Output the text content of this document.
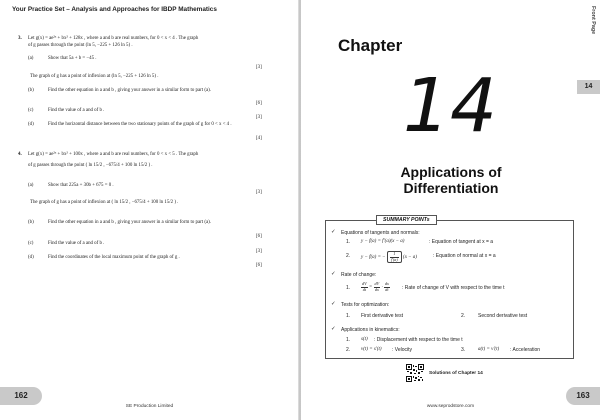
Your Practice Set – Analysis and Approaches for IBDP Mathematics
3. Let g(x) = ae²ˣ + bx² + 128x , where a and b are real numbers, for 0 < x < 4 . The graph
of g passes through the point (ln 5, −225 + 126 ln 5) .
(a)	Show that 5a + b = −45 .
[3]
The graph of g has a point of inflexion at (ln 5, −225 + 126 ln 5) .
(b)	Find the other equation in a and b , giving your answer in a similar form to part (a).
[6]
(c)	Find the value of a and of b .
[3]
(d)	Find the horizontal distance between the two stationary points of the graph of g for 0 < x < 4 .
[4]
4. Let g(x) = ae²ˣ + bx² + 100x , where a and b are real numbers, for 0 < x < 5 . The graph
of g passes through the point ( ln 15/2 , −675/4 + 100 ln 15/2 ) .
(a)	Show that 225a + 30b + 675 = 0 .
[3]
The graph of g has a point of inflexion at ( ln 15/2 , −675/4 + 100 ln 15/2 ) .
(b)	Find the other equation in a and b , giving your answer in a similar form to part (a).
[6]
(c)	Find the value of a and of b .
[3]
(d)	Find the coordinates of the local maximum point of the graph of g .
[6]
162
SE Production Limited
Front Page
14
Chapter
14
Applications of
Differentiation
SUMMARY POINTs
✓ Equations of tangents and normals:
1. y − f(a) = f′(a)(x − a)	: Equation of tangent at x = a
2. y − f(a) = − $\frac{1}{f'(a)} (x - a)$	: Equation of normal at x = a
✓ Rate of change:
1.	$\frac{dV}{dt} = \frac{dV}{dx} \cdot \frac{dx}{dt}$ : Rate of change of V with respect to the time t
✓ Tests for optimization:
1. First derivative test	2.	Second derivative test
✓ Applications in kinematics:
1. s(t) : Displacement with respect to the time t
2. v(t) = s′(t) : Velocity	3.	a(t) = v′(t) : Acceleration
Solutions of Chapter 14
www.seprodstore.com
163
